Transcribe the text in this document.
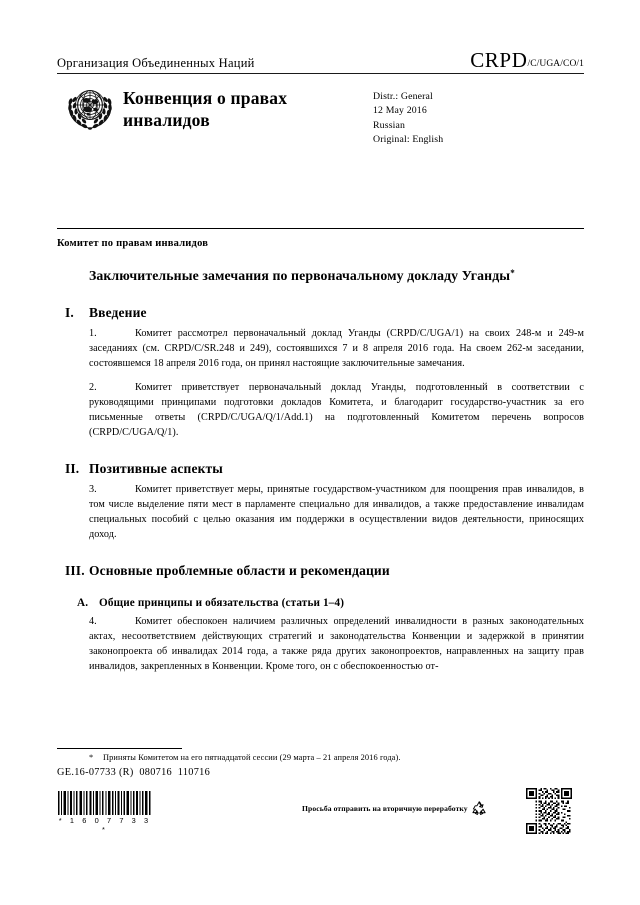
Организация Объединенных Наций	CRPD/C/UGA/CO/1
Конвенция о правах инвалидов
Distr.: General
12 May 2016
Russian
Original: English
Комитет по правам инвалидов
Заключительные замечания по первоначальному докладу Уганды*
I.	Введение

1.	Комитет рассмотрел первоначальный доклад Уганды (CRPD/C/UGA/1) на своих 248-м и 249-м заседаниях (см. CRPD/C/SR.248 и 249), состоявшихся 7 и 8 апреля 2016 года. На своем 262-м заседании, состоявшемся 18 апреля 2016 года, он принял настоящие заключительные замечания.

2.	Комитет приветствует первоначальный доклад Уганды, подготовленный в соответствии с руководящими принципами подготовки докладов Комитета, и благодарит государство-участник за его письменные ответы (CRPD/C/UGA/Q/1/Add.1) на подготовленный Комитетом перечень вопросов (CRPD/C/UGA/Q/1).

II. Позитивные аспекты

3.	Комитет приветствует меры, принятые государством-участником для поощрения прав инвалидов, в том числе выделение пяти мест в парламенте специально для инвалидов, а также предоставление инвалидам специальных пособий с целью оказания им поддержки в осуществлении видов деятельности, приносящих доход.

III. Основные проблемные области и рекомендации
A. Общие принципы и обязательства (статьи 1–4)

4.	Комитет обеспокоен наличием различных определений инвалидности в разных законодательных актах, несоответствием действующих стратегий и законодательства Конвенции и задержкой в принятии законопроекта об инвалидах 2014 года, а также ряда других законопроектов, направленных на защиту прав инвалидов, закрепленных в Конвенции. Кроме того, он с обеспокоенностью от-

* Приняты Комитетом на его пятнадцатой сессии (29 марта – 21 апреля 2016 года).
GE.16-07733 (R)  080716  110716
* 1 6 0 7 7 3 3 *
Просьба отправить на вторичную переработку
